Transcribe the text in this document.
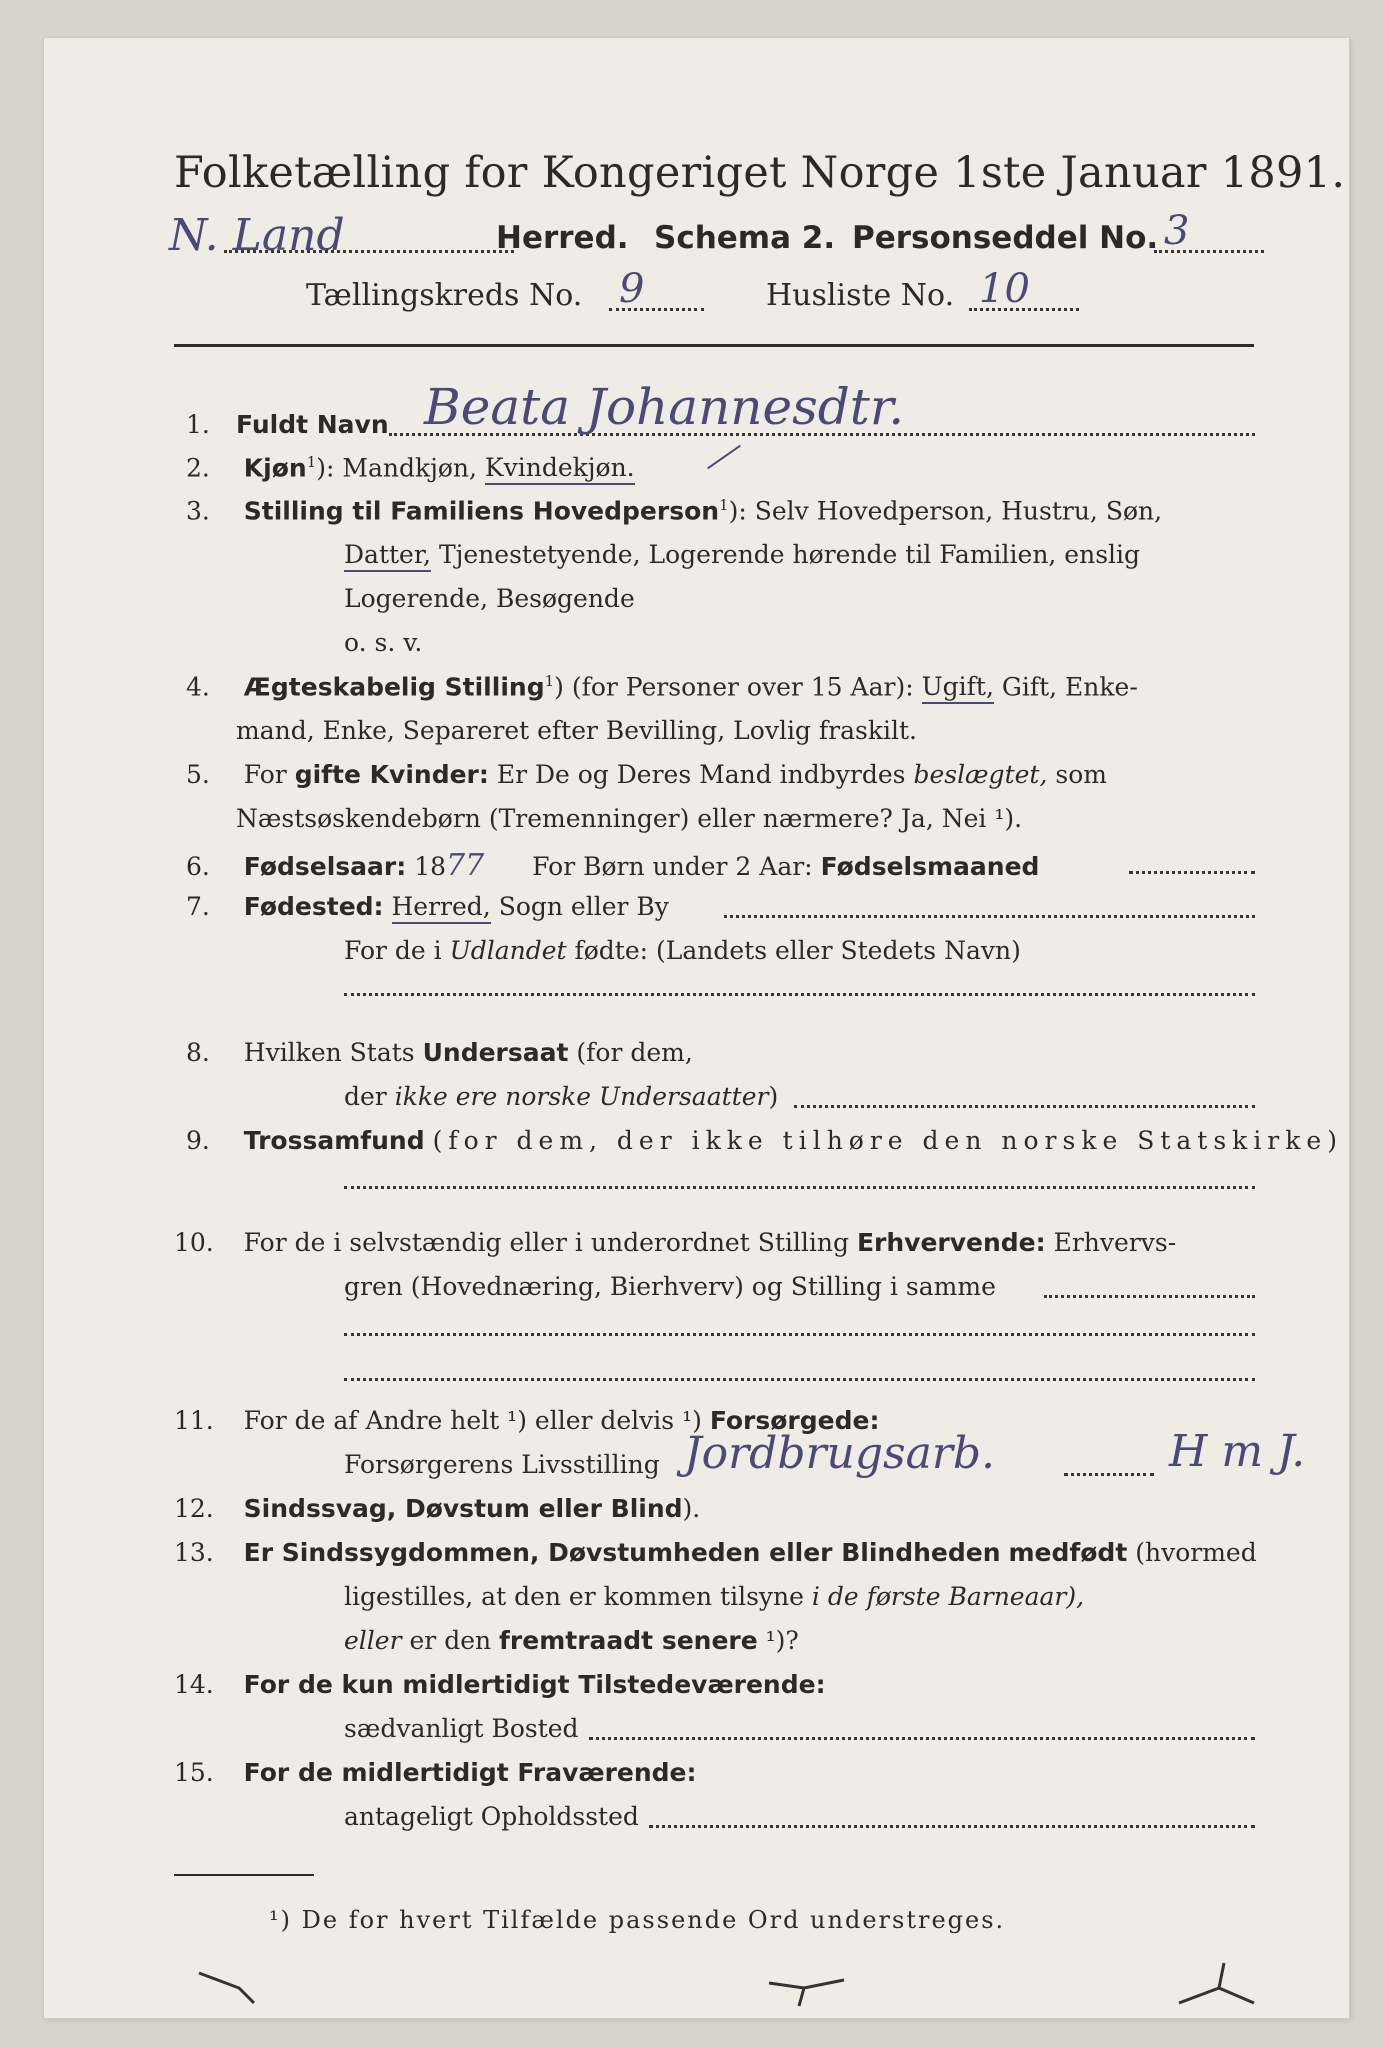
Folketælling for Kongeriget Norge 1ste Januar 1891.
N. Land	Herred. Schema 2. Personseddel No. 3
Tællingskreds No. 9	Husliste No. 10
1. Fuldt Navn Beata Johannesdtr.
2. Kjøn$^1$): Mandkjøn, Kvindekjøn.
3. Stilling til Familiens Hovedperson$^1$): Selv Hovedperson, Hustru, Søn,
Datter, Tjenestetyende, Logerende hørende til Familien, enslig
Logerende, Besøgende
o. s. v.
4. Ægteskabelig Stilling$^1$) (for Personer over 15 Aar): Ugift, Gift, Enke-
mand, Enke, Separeret efter Bevilling, Lovlig fraskilt.
5. For gifte Kvinder: Er De og Deres Mand indbyrdes beslægtet, som
Næstsøskendebørn (Tremenninger) eller nærmere? Ja, Nei ¹).
6. Fødselsaar: 1877 For Børn under 2 Aar: Fødselsmaaned
7. Fødested: Herred, Sogn eller By
For de i Udlandet fødte: (Landets eller Stedets Navn)
8. Hvilken Stats Undersaat (for dem,
der ikke ere norske Undersaatter)
9. Trossamfund (for dem, der ikke tilhøre den norske Statskirke)
10. For de i selvstændig eller i underordnet Stilling Erhvervende: Erhvervs-
gren (Hovednæring, Bierhverv) og Stilling i samme
11. For de af Andre helt ¹) eller delvis ¹) Forsørgede:
Forsørgerens Livsstilling Jordbrugsarb.	H m J.
12. Sindssvag, Døvstum eller Blind).
13. Er Sindssygdommen, Døvstumheden eller Blindheden medfødt (hvormed
ligestilles, at den er kommen tilsyne i de første Barneaar),
eller er den fremtraadt senere ¹)?
14. For de kun midlertidigt Tilstedeværende:
sædvanligt Bosted
15. For de midlertidigt Fraværende:
antageligt Opholdssted
¹) De for hvert Tilfælde passende Ord understreges.
